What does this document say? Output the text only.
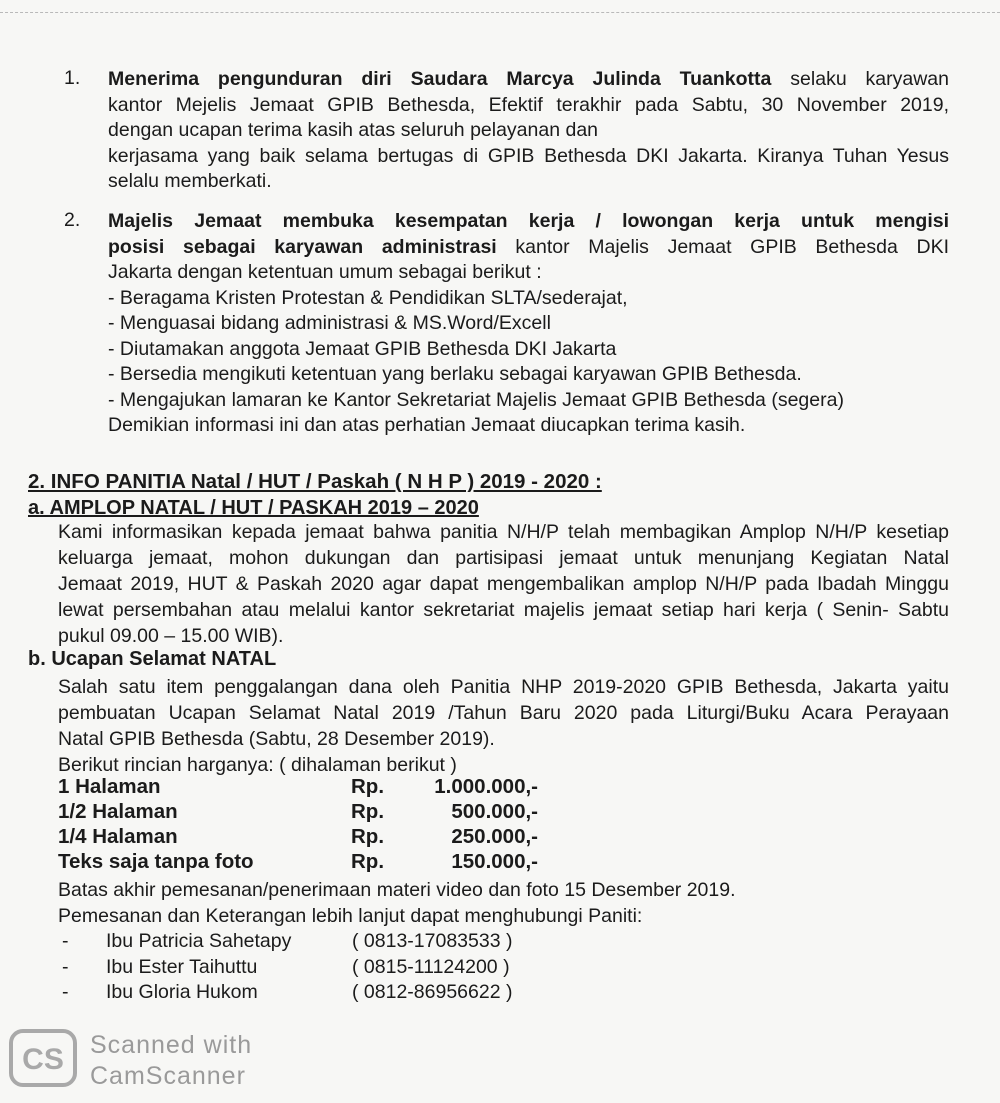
1.	Menerima pengunduran diri Saudara Marcya Julinda Tuankotta selaku karyawan
kantor Mejelis Jemaat GPIB Bethesda, Efektif terakhir pada Sabtu, 30 November 2019,
dengan ucapan terima kasih atas seluruh pelayanan dan
kerjasama yang baik selama bertugas di GPIB Bethesda DKI Jakarta. Kiranya Tuhan Yesus
selalu memberkati.
2.	Majelis Jemaat membuka kesempatan kerja / lowongan kerja untuk mengisi
posisi sebagai karyawan administrasi kantor Majelis Jemaat GPIB Bethesda DKI
Jakarta dengan ketentuan umum sebagai berikut :
- Beragama Kristen Protestan & Pendidikan SLTA/sederajat,
- Menguasai bidang administrasi & MS.Word/Excell
- Diutamakan anggota Jemaat GPIB Bethesda DKI Jakarta
- Bersedia mengikuti ketentuan yang berlaku sebagai karyawan GPIB Bethesda.
- Mengajukan lamaran ke Kantor Sekretariat Majelis Jemaat GPIB Bethesda (segera)
Demikian informasi ini dan atas perhatian Jemaat diucapkan terima kasih.
2. INFO PANITIA Natal / HUT / Paskah ( N H P ) 2019 - 2020 :
a. AMPLOP NATAL / HUT / PASKAH 2019 – 2020
Kami informasikan kepada jemaat bahwa panitia N/H/P telah membagikan Amplop N/H/P kesetiap
keluarga jemaat, mohon dukungan dan partisipasi jemaat untuk menunjang Kegiatan Natal
Jemaat 2019, HUT & Paskah 2020 agar dapat mengembalikan amplop N/H/P pada Ibadah Minggu
lewat persembahan atau melalui kantor sekretariat majelis jemaat setiap hari kerja ( Senin- Sabtu
pukul 09.00 – 15.00 WIB).
b. Ucapan Selamat NATAL
Salah satu item penggalangan dana oleh Panitia NHP 2019-2020 GPIB Bethesda, Jakarta yaitu
pembuatan Ucapan Selamat Natal 2019 /Tahun Baru 2020 pada Liturgi/Buku Acara Perayaan
Natal GPIB Bethesda (Sabtu, 28 Desember 2019).
Berikut rincian harganya: ( dihalaman berikut )
1 Halaman	Rp. 1.000.000,-
1/2 Halaman	Rp.	500.000,-
1/4 Halaman	Rp.	250.000,-
Teks saja tanpa foto	Rp.	150.000,-
Batas akhir pemesanan/penerimaan materi video dan foto 15 Desember 2019.
Pemesanan dan Keterangan lebih lanjut dapat menghubungi Paniti:
- Ibu Patricia Sahetapy	( 0813-17083533 )
- Ibu Ester Taihuttu	( 0815-11124200 )
- Ibu Gloria Hukom	( 0812-86956622 )
CS Scanned with
CamScanner
